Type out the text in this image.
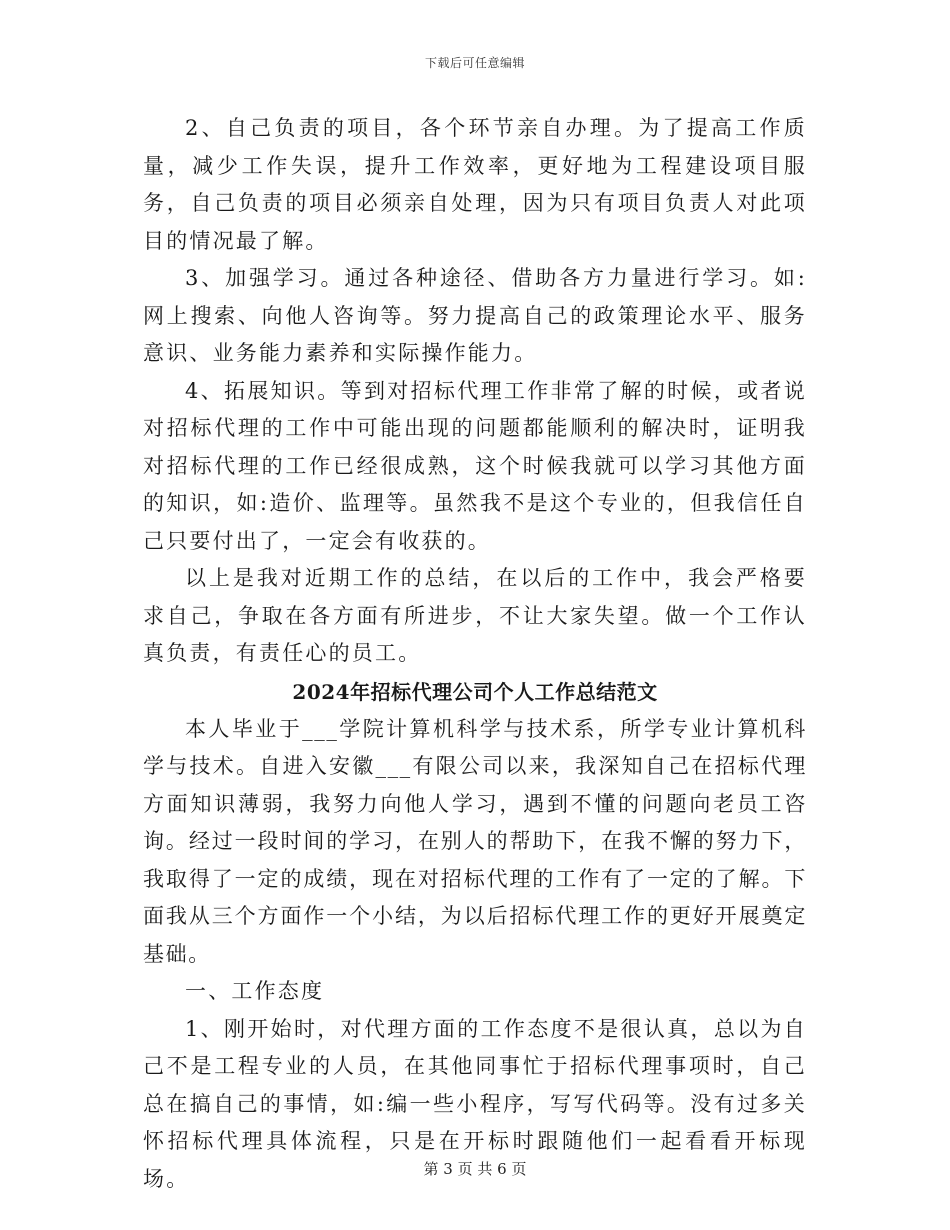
下载后可任意编辑

2、自己负责的项目，各个环节亲自办理。为了提高工作质量，减少工作失误，提升工作效率，更好地为工程建设项目服务，自己负责的项目必须亲自处理，因为只有项目负责人对此项目的情况最了解。

3、加强学习。通过各种途径、借助各方力量进行学习。如:网上搜索、向他人咨询等。努力提高自己的政策理论水平、服务意识、业务能力素养和实际操作能力。

4、拓展知识。等到对招标代理工作非常了解的时候，或者说对招标代理的工作中可能出现的问题都能顺利的解决时，证明我对招标代理的工作已经很成熟，这个时候我就可以学习其他方面的知识，如:造价、监理等。虽然我不是这个专业的，但我信任自己只要付出了，一定会有收获的。

以上是我对近期工作的总结，在以后的工作中，我会严格要求自己，争取在各方面有所进步，不让大家失望。做一个工作认真负责，有责任心的员工。

2024年招标代理公司个人工作总结范文

本人毕业于___学院计算机科学与技术系，所学专业计算机科学与技术。自进入安徽___有限公司以来，我深知自己在招标代理方面知识薄弱，我努力向他人学习，遇到不懂的问题向老员工咨询。经过一段时间的学习，在别人的帮助下，在我不懈的努力下，我取得了一定的成绩，现在对招标代理的工作有了一定的了解。下面我从三个方面作一个小结，为以后招标代理工作的更好开展奠定基础。

一、工作态度

1、刚开始时，对代理方面的工作态度不是很认真，总以为自己不是工程专业的人员，在其他同事忙于招标代理事项时，自己总在搞自己的事情，如:编一些小程序，写写代码等。没有过多关怀招标代理具体流程，只是在开标时跟随他们一起看看开标现场。	第 3 页 共 6 页
